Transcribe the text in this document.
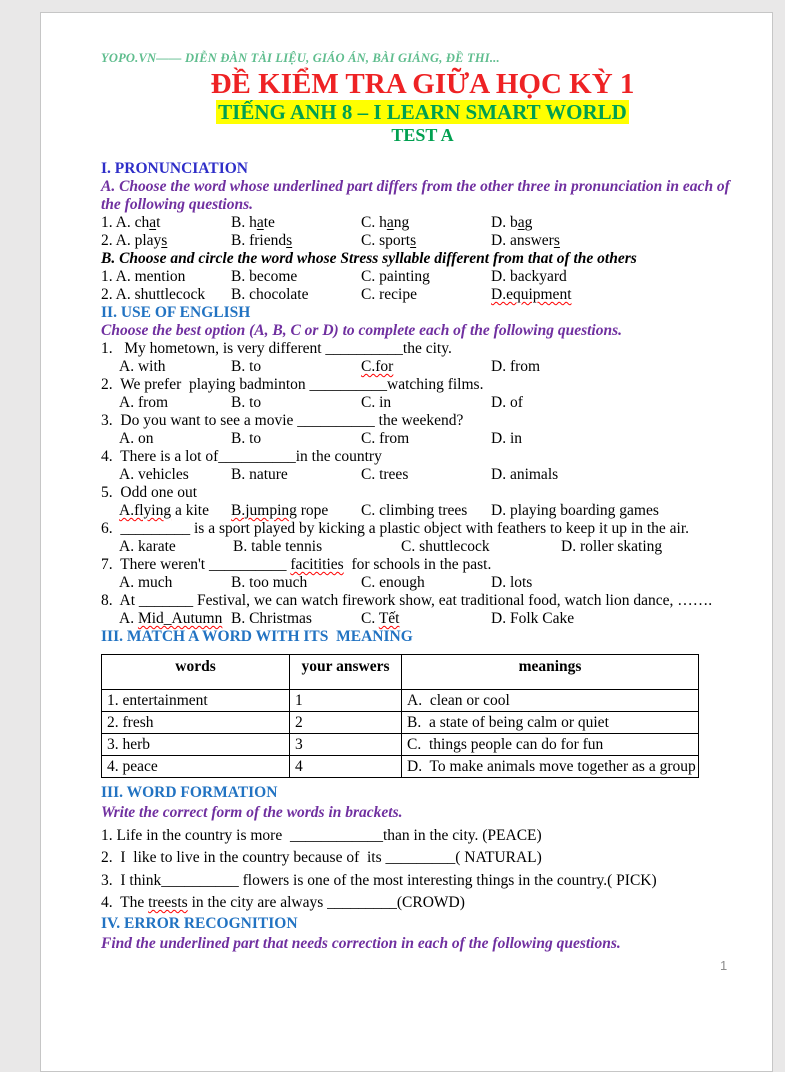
YOPO.VN—— DIỄN ĐÀN TÀI LIỆU, GIÁO ÁN, BÀI GIẢNG, ĐỀ THI...
ĐỀ KIỂM TRA GIỮA HỌC KỲ 1
TIẾNG ANH 8 – I LEARN SMART WORLD
TEST A
I. PRONUNCIATION
A. Choose the word whose underlined part differs from the other three in pronunciation in each of the following questions.
1. A. chat	B. hate	C. hang	D. bag
2. A. plays	B. friends	C. sports	D. answers
B. Choose and circle the word whose Stress syllable different from that of the others
1. A. mention	B. become	C. painting	D. backyard
2. A. shuttlecock	B. chocolate	C. recipe	D.equipment
II. USE OF ENGLISH
Choose the best option (A, B, C or D) to complete each of the following questions.
1.   My hometown, is very different __________the city.
A. with	B. to	C.for	D. from
2.  We prefer  playing badminton __________watching films.
A. from	B. to	C. in	D. of
3.  Do you want to see a movie __________ the weekend?
A. on	B. to	C. from	D. in
4.  There is a lot of__________in the country
A. vehicles	B. nature	C. trees	D. animals
5.  Odd one out
A.flying a kite	B.jumping rope	C. climbing trees	D. playing boarding games
6.  _________ is a sport played by kicking a plastic object with feathers to keep it up in the air.
A. karate	B. table tennis	C. shuttlecock	D. roller skating
7.  There weren't __________ facitities  for schools in the past.
A. much	B. too much	C. enough	D. lots
8.  At _______ Festival, we can watch firework show, eat traditional food, watch lion dance, …….
A. Mid_Autumn B. Christmas	C. Tết	D. Folk Cake
III. MATCH A WORD WITH ITS  MEANING
words	your answers	meanings
1. entertainment	1	A.  clean or cool
2. fresh	2	B.  a state of being calm or quiet
3. herb	3	C.  things people can do for fun
4. peace	4	D.  To make animals move together as a group
III. WORD FORMATION
Write the correct form of the words in brackets.
1. Life in the country is more  ____________than in the city. (PEACE)
2.  I  like to live in the country because of  its _________( NATURAL)
3.  I think__________ flowers is one of the most interesting things in the country.( PICK)
4.  The treests in the city are always _________(CROWD)
IV. ERROR RECOGNITION
Find the underlined part that needs correction in each of the following questions.
1
